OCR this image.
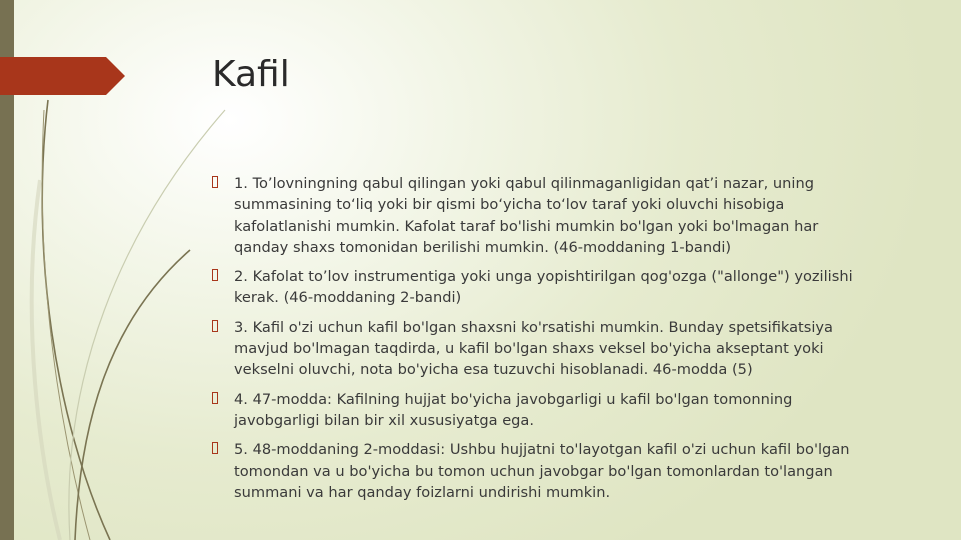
Kafil
1. To’lovningning qabul qilingan yoki qabul qilinmaganligidan qat’i nazar, uning
summasining to‘liq yoki bir qismi bo‘yicha to‘lov taraf yoki oluvchi hisobiga
kafolatlanishi mumkin. Kafolat taraf bo'lishi mumkin bo'lgan yoki bo'lmagan har
qanday shaxs tomonidan berilishi mumkin. (46-moddaning 1-bandi)
2. Kafolat to’lov instrumentiga yoki unga yopishtirilgan qog'ozga ("allonge") yozilishi
kerak. (46-moddaning 2-bandi)
3. Kafil o'zi uchun kafil bo'lgan shaxsni ko'rsatishi mumkin. Bunday spetsifikatsiya
mavjud bo'lmagan taqdirda, u kafil bo'lgan shaxs veksel bo'yicha akseptant yoki
vekselni oluvchi, nota bo'yicha esa tuzuvchi hisoblanadi. 46-modda (5)
4. 47-modda: Kafilning hujjat bo'yicha javobgarligi u kafil bo'lgan tomonning
javobgarligi bilan bir xil xususiyatga ega.
5. 48-moddaning 2-moddasi: Ushbu hujjatni to'layotgan kafil o'zi uchun kafil bo'lgan
tomondan va u bo'yicha bu tomon uchun javobgar bo'lgan tomonlardan to'langan
summani va har qanday foizlarni undirishi mumkin.
